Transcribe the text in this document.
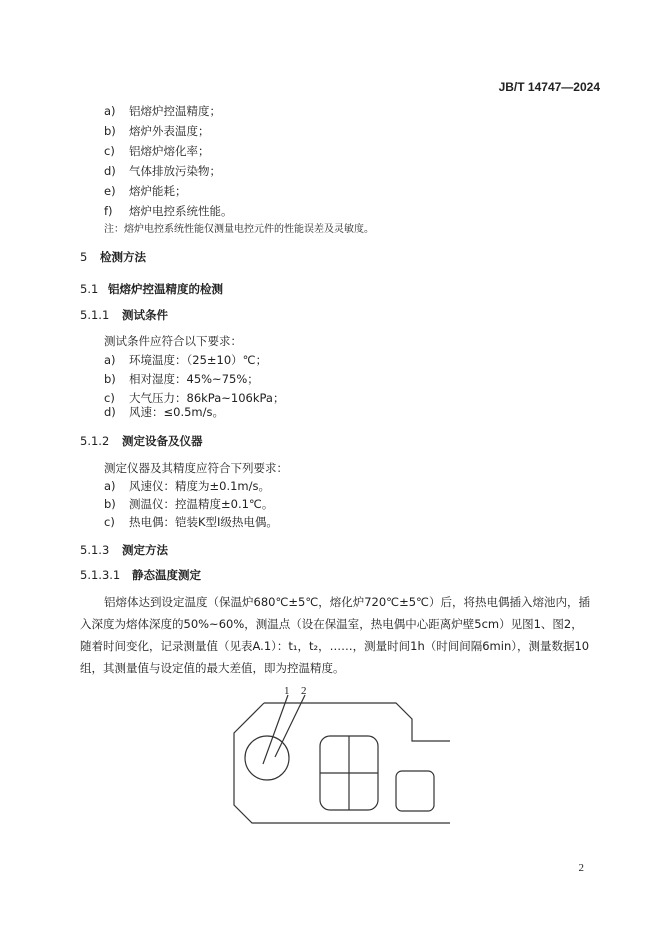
JB/T 14747—2024
a) 铝熔炉控温精度；
b) 熔炉外表温度；
c) 铝熔炉熔化率；
d) 气体排放污染物；
e) 熔炉能耗；
f) 熔炉电控系统性能。
注：熔炉电控系统性能仅测量电控元件的性能误差及灵敏度。
5 检测方法
5.1 铝熔炉控温精度的检测
5.1.1 测试条件
测试条件应符合以下要求：
a) 环境温度：（25±10）℃；
b) 相对湿度：45%~75%；
c) 大气压力：86kPa~106kPa；
d) 风速：≤0.5m/s。
5.1.2 测定设备及仪器
测定仪器及其精度应符合下列要求：
a) 风速仪：精度为±0.1m/s。
b) 测温仪：控温精度±0.1℃。
c) 热电偶：铠装K型Ⅰ级热电偶。
5.1.3 测定方法
5.1.3.1 静态温度测定
铝熔体达到设定温度（保温炉680℃±5℃，熔化炉720℃±5℃）后，将热电偶插入熔池内，插入深度为熔体深度的50%~60%，测温点（设在保温室，热电偶中心距离炉壁5cm）见图1、图2，随着时间变化，记录测量值（见表A.1）：t₁，t₂，……，测量时间1h（时间间隔6min），测量数据10组，其测量值与设定值的最大差值，即为控温精度。
1 2
2
